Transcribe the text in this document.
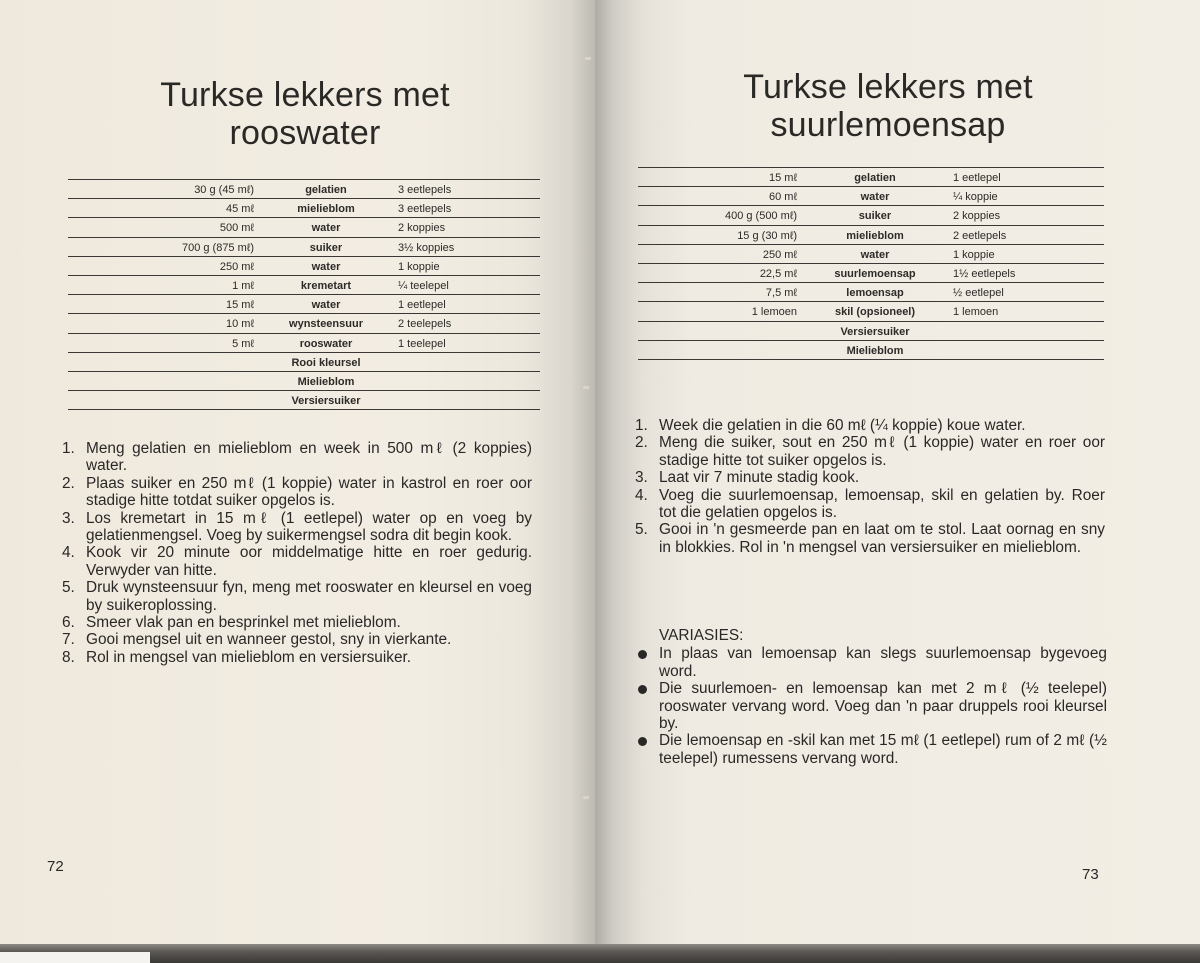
Turkse lekkers met rooswater
30 g (45 mℓ)	gelatien	3 eetlepels
45 mℓ	mielieblom	3 eetlepels
500 mℓ	water	2 koppies
700 g (875 mℓ)	suiker	3½ koppies
250 mℓ	water	1 koppie
1 mℓ	kremetart	¼ teelepel
15 mℓ	water	1 eetlepel
10 mℓ	wynsteensuur	2 teelepels
5 mℓ	rooswater	1 teelepel
	Rooi kleursel	
	Mielieblom	
	Versiersuiker	
1. Meng gelatien en mielieblom en week in 500 mℓ (2 koppies) water.
2. Plaas suiker en 250 mℓ (1 koppie) water in kastrol en roer oor stadige hitte totdat suiker opgelos is.
3. Los kremetart in 15 mℓ (1 eetlepel) water op en voeg by gelatienmengsel. Voeg by suikermengsel sodra dit begin kook.
4. Kook vir 20 minute oor middelmatige hitte en roer gedurig. Verwyder van hitte.
5. Druk wynsteensuur fyn, meng met rooswater en kleursel en voeg by suikeroplossing.
6. Smeer vlak pan en besprinkel met mielieblom.
7. Gooi mengsel uit en wanneer gestol, sny in vierkante.
8. Rol in mengsel van mielieblom en versiersuiker.
72

Turkse lekkers met suurlemoensap
15 mℓ	gelatien	1 eetlepel
60 mℓ	water	¼ koppie
400 g (500 mℓ)	suiker	2 koppies
15 g (30 mℓ)	mielieblom	2 eetlepels
250 mℓ	water	1 koppie
22,5 mℓ	suurlemoensap	1½ eetlepels
7,5 mℓ	lemoensap	½ eetlepel
1 lemoen	skil (opsioneel)	1 lemoen
	Versiersuiker	
	Mielieblom	
1. Week die gelatien in die 60 mℓ (¼ koppie) koue water.
2. Meng die suiker, sout en 250 mℓ (1 koppie) water en roer oor stadige hitte tot suiker opgelos is.
3. Laat vir 7 minute stadig kook.
4. Voeg die suurlemoensap, lemoensap, skil en gelatien by. Roer tot die gelatien opgelos is.
5. Gooi in 'n gesmeerde pan en laat om te stol. Laat oornag en sny in blokkies. Rol in 'n mengsel van versiersuiker en mielieblom.
VARIASIES:
In plaas van lemoensap kan slegs suurlemoensap bygevoeg word.
Die suurlemoen- en lemoensap kan met 2 mℓ (½ teelepel) rooswater vervang word. Voeg dan 'n paar druppels rooi kleursel by.
Die lemoensap en -skil kan met 15 mℓ (1 eetlepel) rum of 2 mℓ (½ teelepel) rumessens vervang word.
73
